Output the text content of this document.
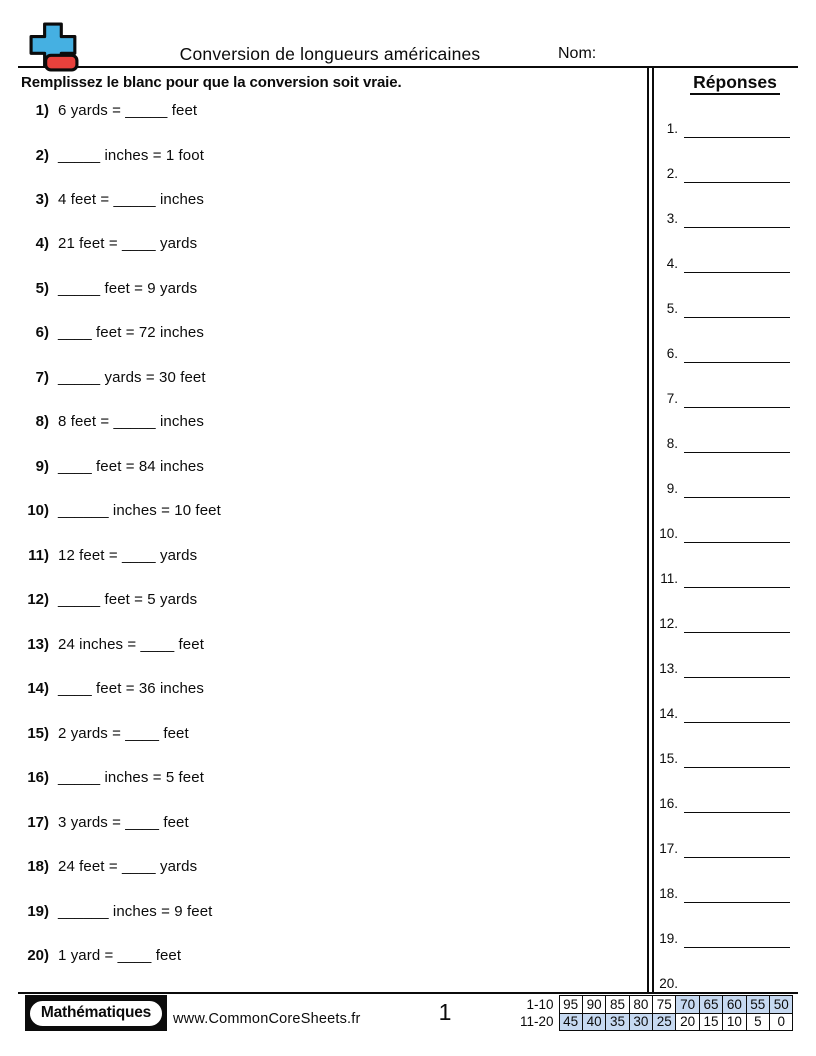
Conversion de longueurs américaines	Nom:
Remplissez le blanc pour que la conversion soit vraie.
1) 6 yards = _____ feet
2) _____ inches = 1 foot
3) 4 feet = _____ inches
4) 21 feet = ____ yards
5) _____ feet = 9 yards
6) ____ feet = 72 inches
7) _____ yards = 30 feet
8) 8 feet = _____ inches
9) ____ feet = 84 inches
10) ______ inches = 10 feet
11) 12 feet = ____ yards
12) _____ feet = 5 yards
13) 24 inches = ____ feet
14) ____ feet = 36 inches
15) 2 yards = ____ feet
16) _____ inches = 5 feet
17) 3 yards = ____ feet
18) 24 feet = ____ yards
19) ______ inches = 9 feet
20) 1 yard = ____ feet
Réponses
1.
2.
3.
4.
5.
6.
7.
8.
9.
10.
11.
12.
13.
14.
15.
16.
17.
18.
19.
20.
Mathématiques	www.CommonCoreSheets.fr	1	1-10	95	90	85	80	75	70	65	60	55	50
11-20	45	40	35	30	25	20	15	10	5	0
